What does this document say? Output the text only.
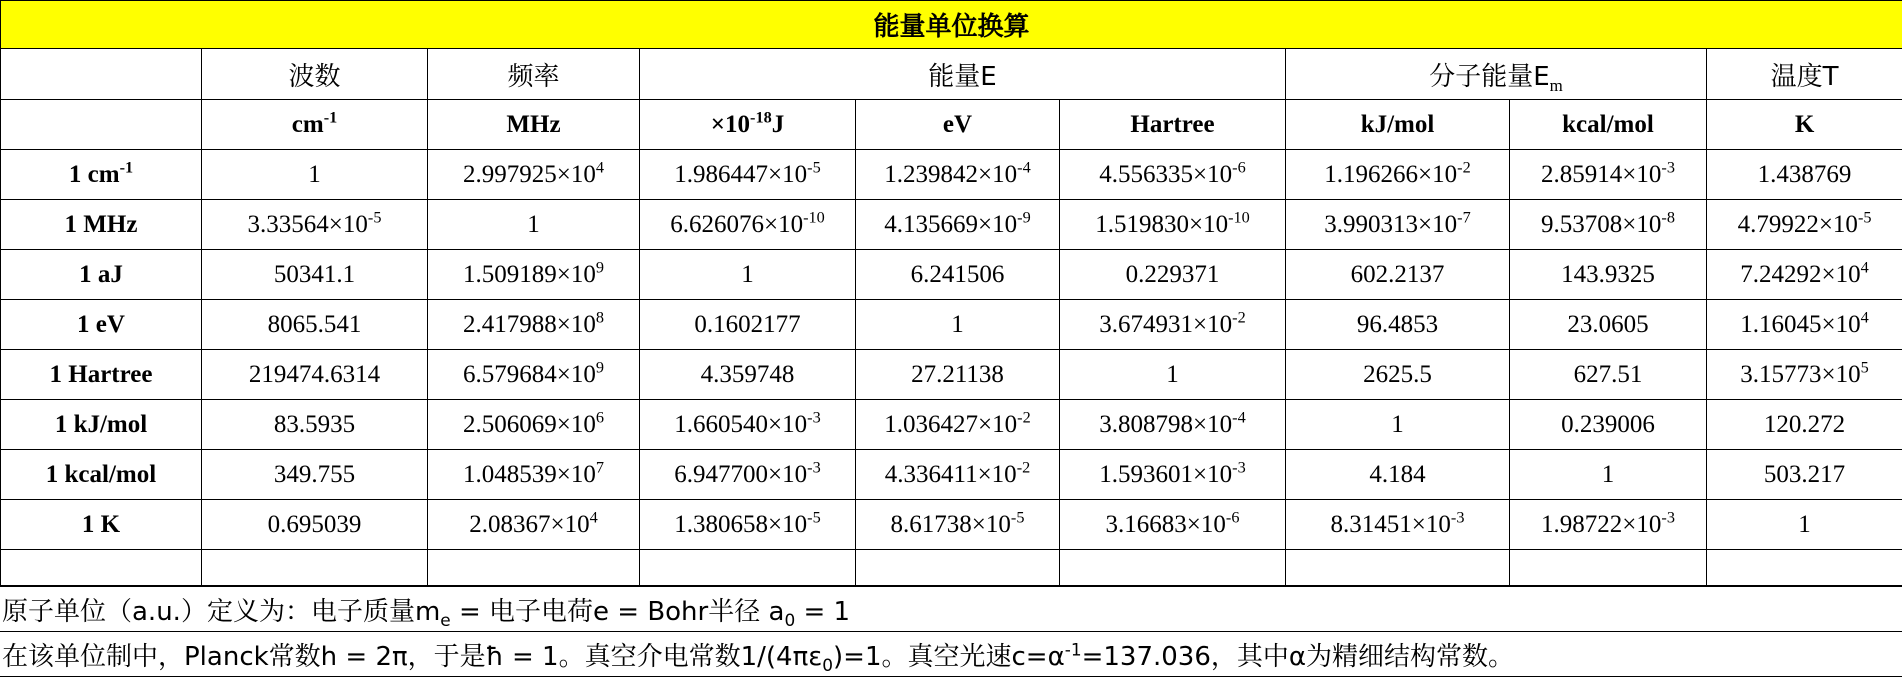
能量单位换算								
	波数	频率	能量E			分子能量$E_m$		温度T
	$cm^{-1}$	MHz	$\times 10^{-18}J$	eV	Hartree	kJ/mol	kcal/mol	K
1 $cm^{-1}$	1	$2.997925\times 10^4$	$1.986447\times 10^{-5}$	$1.239842\times 10^{-4}$	$4.556335\times 10^{-6}$	$1.196266\times 10^{-2}$	$2.85914\times 10^{-3}$	1.438769
1 MHz	$3.33564\times 10^{-5}$	1	$6.626076\times 10^{-10}$	$4.135669\times 10^{-9}$	$1.519830\times 10^{-10}$	$3.990313\times 10^{-7}$	$9.53708\times 10^{-8}$	$4.79922\times 10^{-5}$
1 aJ	50341.1	$1.509189\times 10^9$	1	6.241506	0.229371	602.2137	143.9325	$7.24292\times 10^4$
1 eV	8065.541	$2.417988\times 10^8$	0.1602177	1	$3.674931\times 10^{-2}$	96.4853	23.0605	$1.16045\times 10^4$
1 Hartree	219474.6314	$6.579684\times 10^9$	4.359748	27.21138	1	2625.5	627.51	$3.15773\times 10^5$
1 kJ/mol	83.5935	$2.506069\times 10^6$	$1.660540\times 10^{-3}$	$1.036427\times 10^{-2}$	$3.808798\times 10^{-4}$	1	0.239006	120.272
1 kcal/mol	349.755	$1.048539\times 10^7$	$6.947700\times 10^{-3}$	$4.336411\times 10^{-2}$	$1.593601\times 10^{-3}$	4.184	1	503.217
1 K	0.695039	$2.08367\times 10^4$	$1.380658\times 10^{-5}$	$8.61738\times 10^{-5}$	$3.16683\times 10^{-6}$	$8.31451\times 10^{-3}$	$1.98722\times 10^{-3}$	1

原子单位（a.u.）定义为：电子质量$m_e$ = 电子电荷e = Bohr半径 $a_0 = 1$
在该单位制中，Planck常数h = 2π，于是ħ = 1。真空介电常数$1/(4\pi\varepsilon_0)=1$。真空光速$c=\alpha^{-1}=137.036$，其中α为精细结构常数。
